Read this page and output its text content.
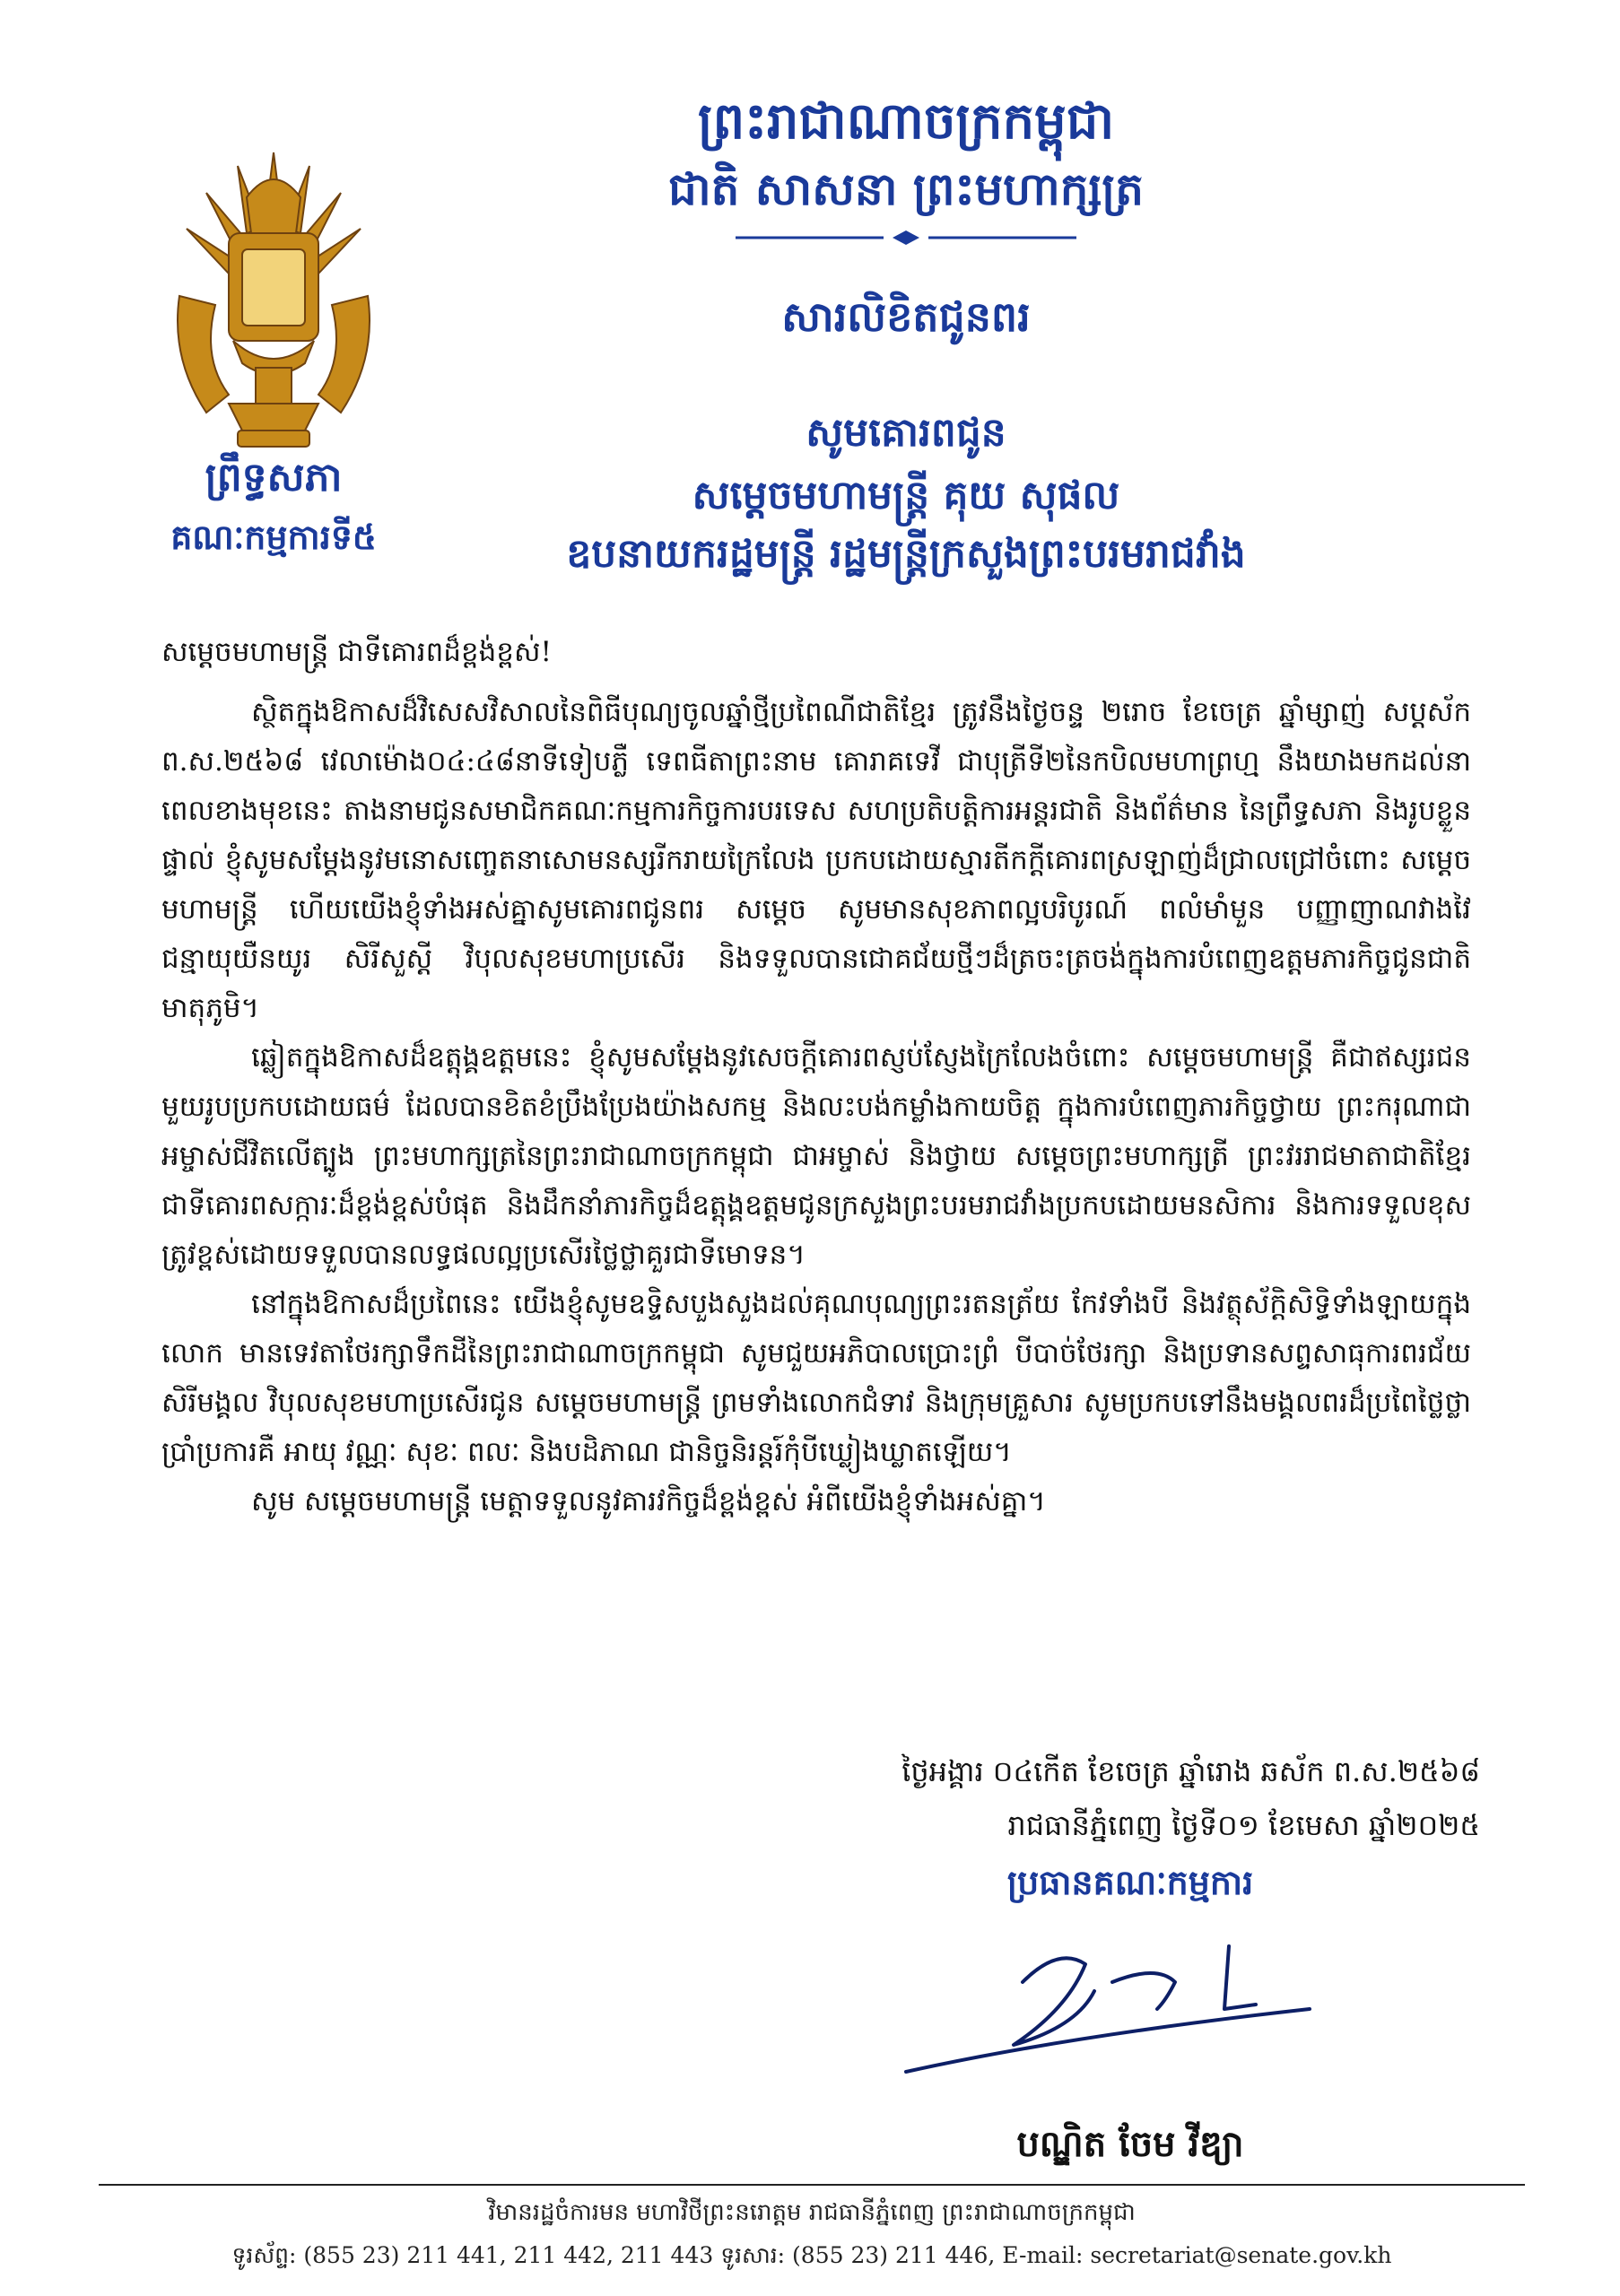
ព្រឹទ្ធសភា
គណៈកម្មការទី៥
ព្រះរាជាណាចក្រកម្ពុជា
ជាតិ សាសនា ព្រះមហាក្សត្រ
សារលិខិតជូនពរ
សូមគោរពជូន
សម្តេចមហាមន្ត្រី គុយ សុផល
ឧបនាយករដ្ឋមន្ត្រី រដ្ឋមន្ត្រីក្រសួងព្រះបរមរាជវាំង

សម្តេចមហាមន្ត្រី ជាទីគោរពដ៏ខ្ពង់ខ្ពស់!

ស្ថិតក្នុងឱកាសដ៏វិសេសវិសាលនៃពិធីបុណ្យចូលឆ្នាំថ្មីប្រពៃណីជាតិខ្មែរ ត្រូវនឹងថ្ងៃចន្ទ ២រោច ខែចេត្រ ឆ្នាំម្សាញ់ សប្តស័ក ព.ស.២៥៦៨ វេលាម៉ោង០៤:៤៨នាទីទៀបភ្លឺ ទេពធីតាព្រះនាម គោរាគទេវី ជាបុត្រីទី២នៃកបិលមហាព្រហ្ម នឹងយាងមកដល់នាពេលខាងមុខនេះ តាងនាមជូនសមាជិកគណៈកម្មការកិច្ចការបរទេស សហប្រតិបត្តិការអន្តរជាតិ និងព័ត៌មាន នៃព្រឹទ្ធសភា និងរូបខ្លួនផ្ទាល់ ខ្ញុំសូមសម្តែងនូវមនោសញ្ចេតនាសោមនស្សរីករាយក្រៃលែង ប្រកបដោយស្មារតីកក្តីគោរពស្រឡាញ់ដ៏ជ្រាលជ្រៅចំពោះ សម្តេចមហាមន្ត្រី ហើយយើងខ្ញុំទាំងអស់គ្នាសូមគោរពជូនពរ សម្តេច សូមមានសុខភាពល្អបរិបូរណ៍ ពលំមាំមួន បញ្ញាញាណវាងវៃ ជន្មាយុយឺនយូរ សិរីសួស្តី វិបុលសុខមហាប្រសើរ និងទទួលបានជោគជ័យថ្មីៗដ៏ត្រចះត្រចង់ក្នុងការបំពេញឧត្តមភារកិច្ចជូនជាតិមាតុភូមិ។

ឆ្លៀតក្នុងឱកាសដ៏ឧត្តុង្គឧត្តមនេះ ខ្ញុំសូមសម្តែងនូវសេចក្តីគោរពស្ញប់ស្ញែងក្រៃលែងចំពោះ សម្តេចមហាមន្ត្រី គឺជាឥស្សរជនមួយរូបប្រកបដោយធម៌ ដែលបានខិតខំប្រឹងប្រែងយ៉ាងសកម្ម និងលះបង់កម្លាំងកាយចិត្ត ក្នុងការបំពេញភារកិច្ចថ្វាយ ព្រះករុណាជាអម្ចាស់ជីវិតលើត្បូង ព្រះមហាក្សត្រនៃព្រះរាជាណាចក្រកម្ពុជា ជាអម្ចាស់ និងថ្វាយ សម្តេចព្រះមហាក្សត្រី ព្រះវររាជមាតាជាតិខ្មែរ ជាទីគោរពសក្ការៈដ៏ខ្ពង់ខ្ពស់បំផុត និងដឹកនាំភារកិច្ចដ៏ឧត្តុង្គឧត្តមជូនក្រសួងព្រះបរមរាជវាំងប្រកបដោយមនសិការ និងការទទួលខុសត្រូវខ្ពស់ដោយទទួលបានលទ្ធផលល្អប្រសើរថ្លៃថ្លាគួរជាទីមោទន។

នៅក្នុងឱកាសដ៏ប្រពៃនេះ យើងខ្ញុំសូមឧទ្ទិសបួងសួងដល់គុណបុណ្យព្រះរតនត្រ័យ កែវទាំងបី និងវត្ថុស័ក្តិសិទ្ធិទាំងឡាយក្នុងលោក មានទេវតាថែរក្សាទឹកដីនៃព្រះរាជាណាចក្រកម្ពុជា សូមជួយអភិបាលប្រោះព្រំ បីបាច់ថែរក្សា និងប្រទានសព្ទសាធុការពរជ័យ សិរីមង្គល វិបុលសុខមហាប្រសើរជូន សម្តេចមហាមន្ត្រី ព្រមទាំងលោកជំទាវ និងក្រុមគ្រួសារ សូមប្រកបទៅនឹងមង្គលពរដ៏ប្រពៃថ្លៃថ្លាប្រាំប្រការគឺ អាយុ វណ្ណៈ សុខៈ ពលៈ និងបដិភាណ ជានិច្ចនិរន្តរ៍កុំបីឃ្លៀងឃ្លាតឡើយ។

សូម សម្តេចមហាមន្ត្រី មេត្តាទទួលនូវគារវកិច្ចដ៏ខ្ពង់ខ្ពស់ អំពីយើងខ្ញុំទាំងអស់គ្នា។

ថ្ងៃអង្គារ ០៤កើត ខែចេត្រ ឆ្នាំរោង ឆស័ក ព.ស.២៥៦៨
រាជធានីភ្នំពេញ ថ្ងៃទី០១ ខែមេសា ឆ្នាំ២០២៥
ប្រធានគណៈកម្មការ
បណ្ឌិត ចែម វីឌ្យា
វិមានរដ្ឋចំការមន មហាវិថីព្រះនរោត្តម រាជធានីភ្នំពេញ ព្រះរាជាណាចក្រកម្ពុជា
ទូរស័ព្ទ: (855 23) 211 441, 211 442, 211 443 ទូរសារ: (855 23) 211 446, E-mail: secretariat@senate.gov.kh
